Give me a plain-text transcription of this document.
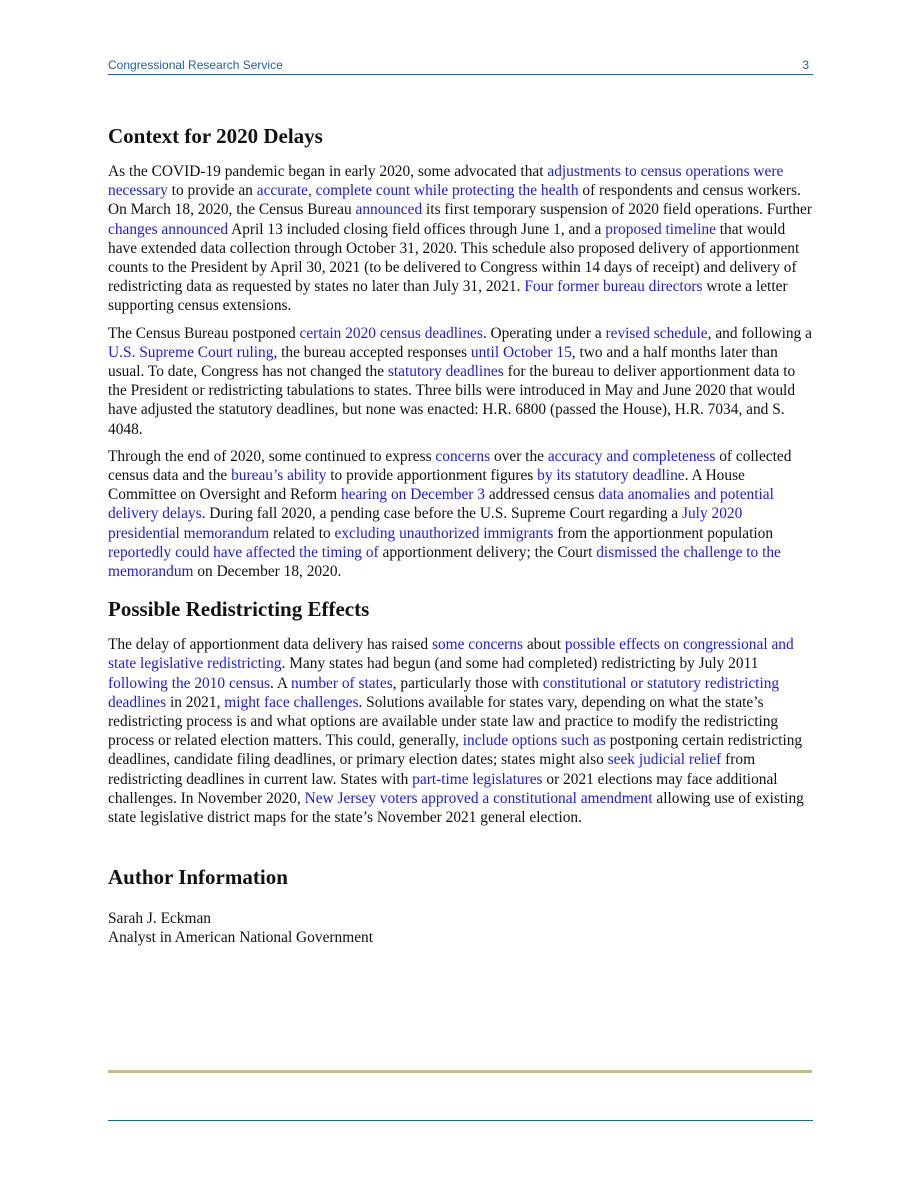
Congressional Research Service	3
Context for 2020 Delays

As the COVID-19 pandemic began in early 2020, some advocated that adjustments to census operations were necessary to provide an accurate, complete count while protecting the health of respondents and census workers. On March 18, 2020, the Census Bureau announced its first temporary suspension of 2020 field operations. Further changes announced April 13 included closing field offices through June 1, and a proposed timeline that would have extended data collection through October 31, 2020. This schedule also proposed delivery of apportionment counts to the President by April 30, 2021 (to be delivered to Congress within 14 days of receipt) and delivery of redistricting data as requested by states no later than July 31, 2021. Four former bureau directors wrote a letter supporting census extensions.

The Census Bureau postponed certain 2020 census deadlines. Operating under a revised schedule, and following a U.S. Supreme Court ruling, the bureau accepted responses until October 15, two and a half months later than usual. To date, Congress has not changed the statutory deadlines for the bureau to deliver apportionment data to the President or redistricting tabulations to states. Three bills were introduced in May and June 2020 that would have adjusted the statutory deadlines, but none was enacted: H.R. 6800 (passed the House), H.R. 7034, and S. 4048.

Through the end of 2020, some continued to express concerns over the accuracy and completeness of collected census data and the bureau’s ability to provide apportionment figures by its statutory deadline. A House Committee on Oversight and Reform hearing on December 3 addressed census data anomalies and potential delivery delays. During fall 2020, a pending case before the U.S. Supreme Court regarding a July 2020 presidential memorandum related to excluding unauthorized immigrants from the apportionment population reportedly could have affected the timing of apportionment delivery; the Court dismissed the challenge to the memorandum on December 18, 2020.

Possible Redistricting Effects

The delay of apportionment data delivery has raised some concerns about possible effects on congressional and state legislative redistricting. Many states had begun (and some had completed) redistricting by July 2011 following the 2010 census. A number of states, particularly those with constitutional or statutory redistricting deadlines in 2021, might face challenges. Solutions available for states vary, depending on what the state’s redistricting process is and what options are available under state law and practice to modify the redistricting process or related election matters. This could, generally, include options such as postponing certain redistricting deadlines, candidate filing deadlines, or primary election dates; states might also seek judicial relief from redistricting deadlines in current law. States with part-time legislatures or 2021 elections may face additional challenges. In November 2020, New Jersey voters approved a constitutional amendment allowing use of existing state legislative district maps for the state’s November 2021 general election.

Author Information
Sarah J. Eckman
Analyst in American National Government
